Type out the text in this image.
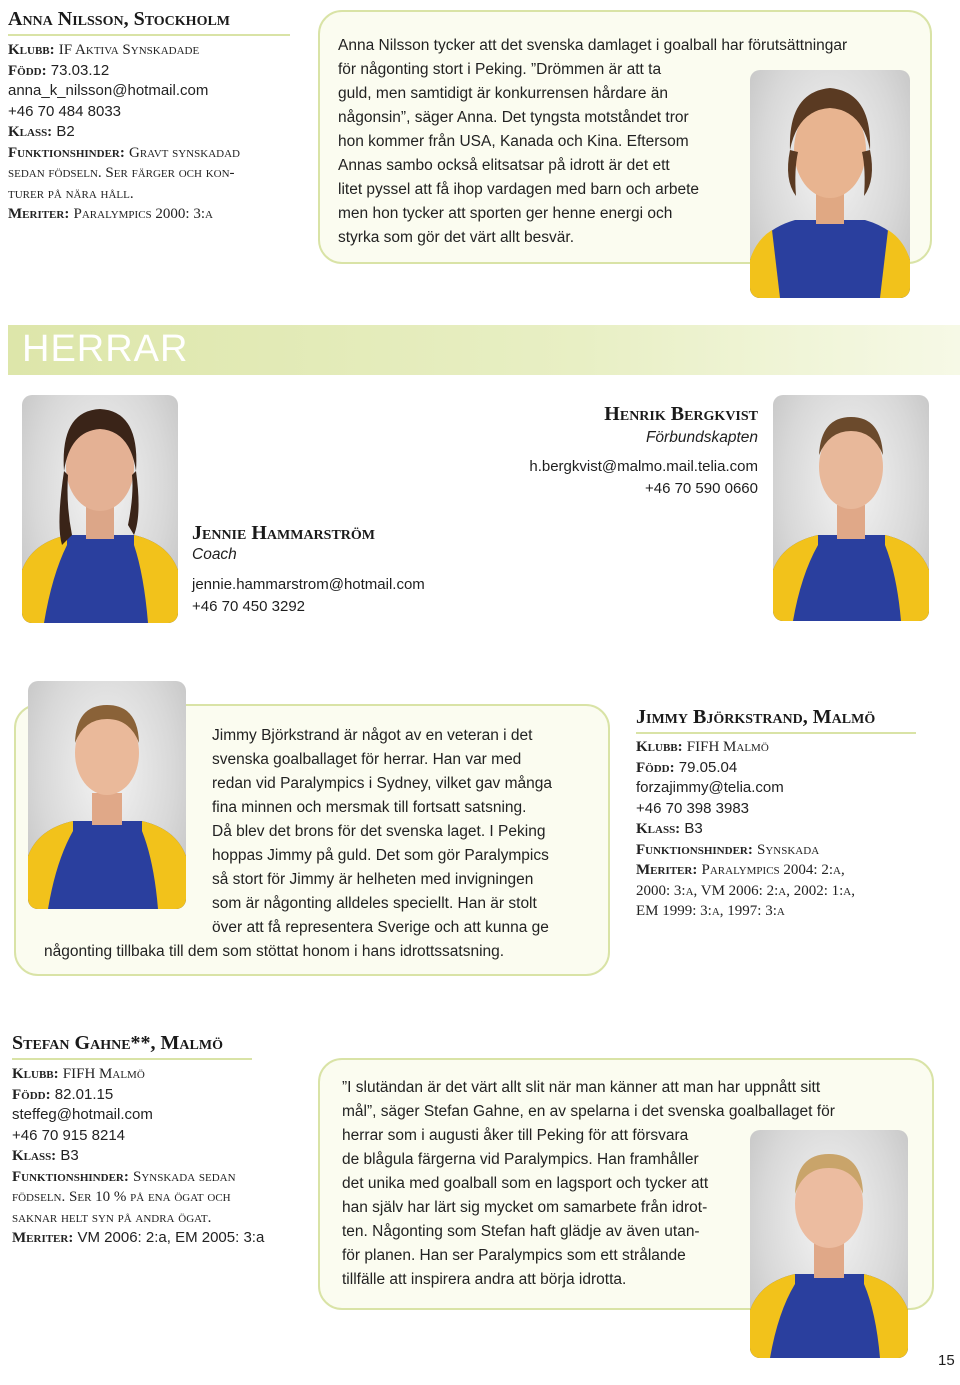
Anna Nilsson, Stockholm
Klubb: IF Aktiva Synskadade
Född: 73.03.12
anna_k_nilsson@hotmail.com
+46 70 484 8033
Klass: B2
Funktionshinder: Gravt synskadad
sedan födseln. Ser färger och kon-
turer på nära håll.
Meriter: Paralympics 2000: 3:a
Anna Nilsson tycker att det svenska damlaget i goalball har förutsättningar
för någonting stort i Peking. ”Drömmen är att ta
guld, men samtidigt är konkurrensen hårdare än
någonsin”, säger Anna. Det tyngsta motståndet tror
hon kommer från USA, Kanada och Kina. Eftersom
Annas sambo också elitsatsar på idrott är det ett
litet pyssel att få ihop vardagen med barn och arbete
men hon tycker att sporten ger henne energi och
styrka som gör det värt allt besvär.
HERRAR
Jennie Hammarström
Coach
jennie.hammarstrom@hotmail.com
+46 70 450 3292
Henrik Bergkvist
Förbundskapten
h.bergkvist@malmo.mail.telia.com
+46 70 590 0660
Jimmy Björkstrand är något av en veteran i det
svenska goalballaget för herrar. Han var med
redan vid Paralympics i Sydney, vilket gav många
fina minnen och mersmak till fortsatt satsning.
Då blev det brons för det svenska laget. I Peking
hoppas Jimmy på guld. Det som gör Paralympics
så stort för Jimmy är helheten med invigningen
som är någonting alldeles speciellt. Han är stolt
över att få representera Sverige och att kunna ge
någonting tillbaka till dem som stöttat honom i hans idrottssatsning.
Jimmy Björkstrand, Malmö
Klubb: FIFH Malmö
Född: 79.05.04
forzajimmy@telia.com
+46 70 398 3983
Klass: B3
Funktionshinder: Synskada
Meriter: Paralympics 2004: 2:a,
2000: 3:a, VM 2006: 2:a, 2002: 1:a,
EM 1999: 3:a, 1997: 3:a
Stefan Gahne**, Malmö
Klubb: FIFH Malmö
Född: 82.01.15
steffeg@hotmail.com
+46 70 915 8214
Klass: B3
Funktionshinder: Synskada sedan
födseln. Ser 10 % på ena ögat och
saknar helt syn på andra ögat.
Meriter: VM 2006: 2:a, EM 2005: 3:a
”I slutändan är det värt allt slit när man känner att man har uppnått sitt
mål”, säger Stefan Gahne, en av spelarna i det svenska goalballaget för
herrar som i augusti åker till Peking för att försvara
de blågula färgerna vid Paralympics. Han framhåller
det unika med goalball som en lagsport och tycker att
han själv har lärt sig mycket om samarbete från idrot-
ten. Någonting som Stefan haft glädje av även utan-
för planen. Han ser Paralympics som ett strålande
tillfälle att inspirera andra att börja idrotta.
15
